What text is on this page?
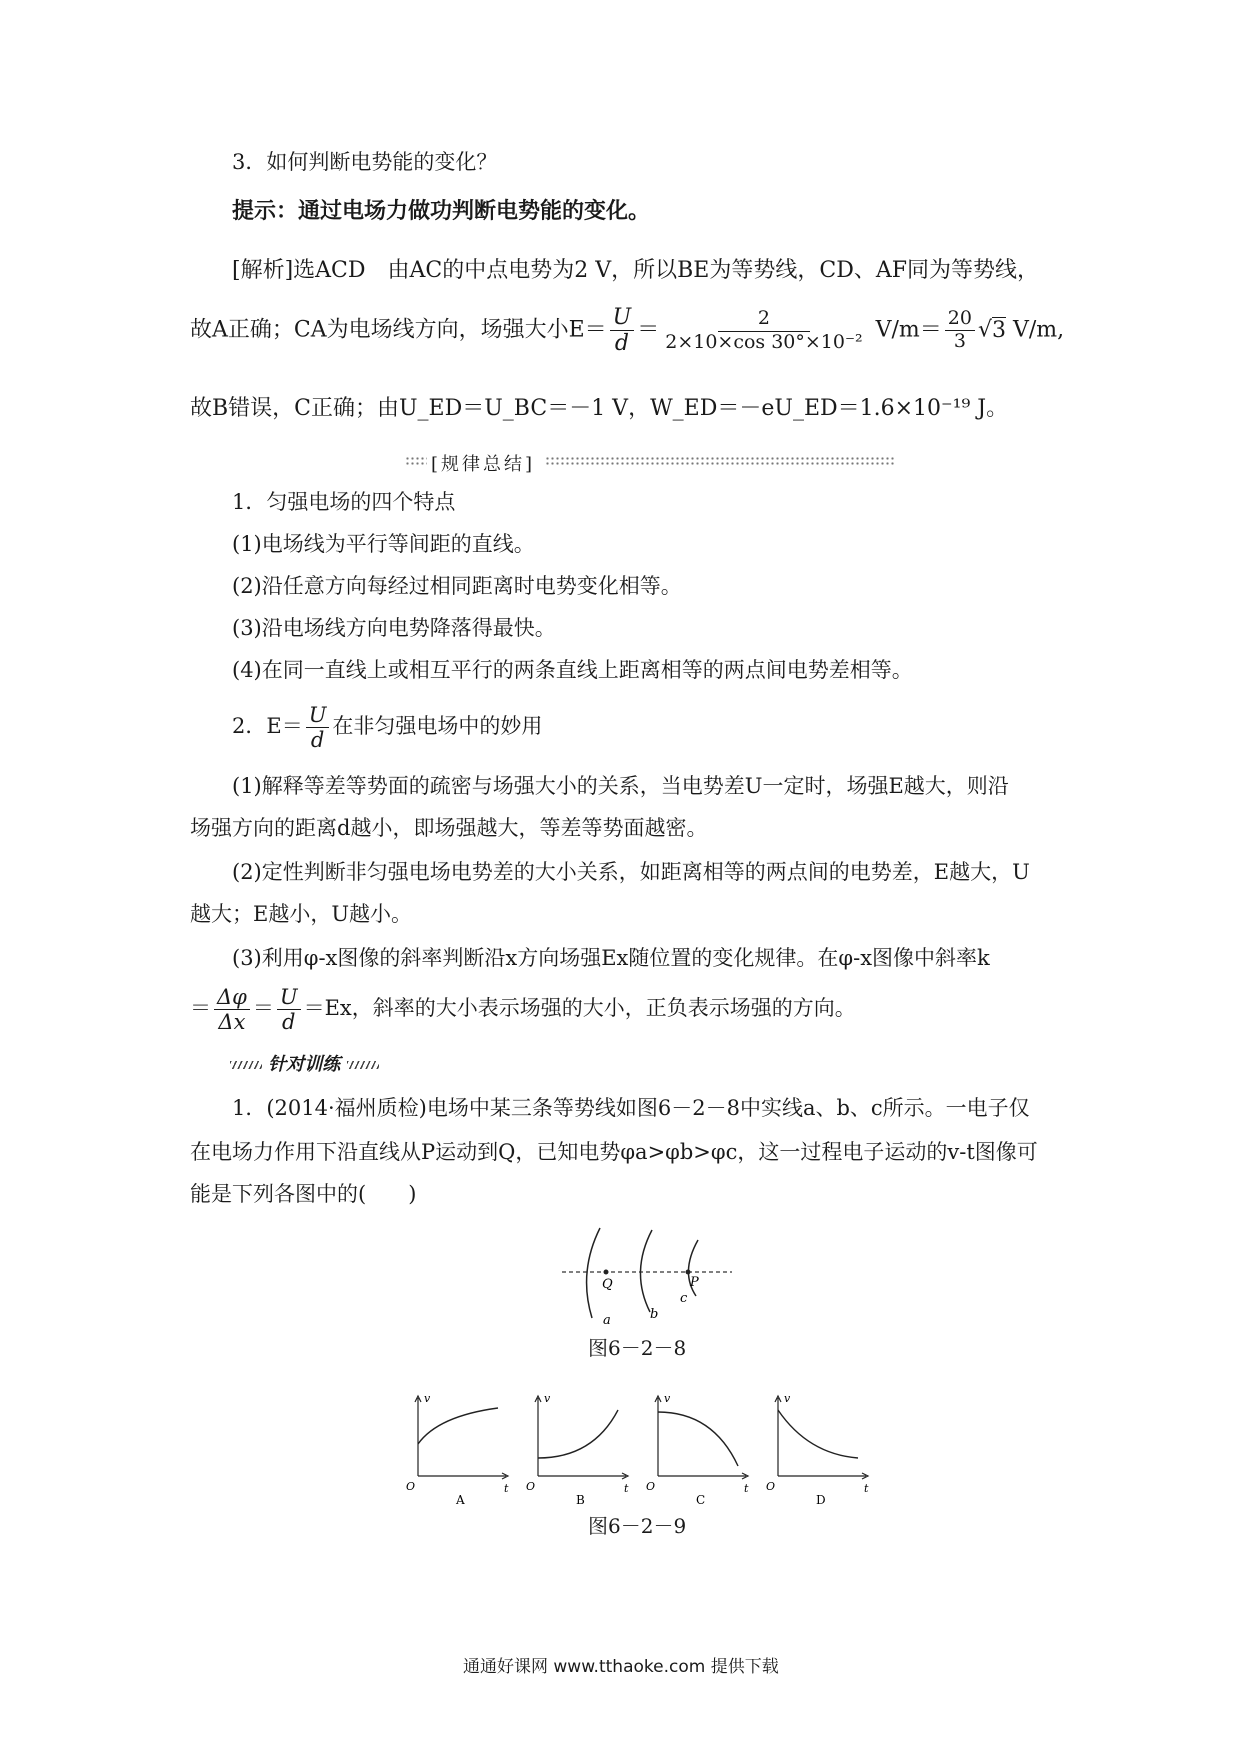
3．如何判断电势能的变化？
提示：通过电场力做功判断电势能的变化。
[解析]选ACD　由AC的中点电势为2 V，所以BE为等势线，CD、AF同为等势线，
故A正确；CA为电场线方向，场强大小$E= \frac{U}{d} = \frac{2}{\text{2×10×cos 30°×10⁻²}} V/m= \frac{20}{3} √3$ V/m,
故B错误，C正确；由U_ED＝U_BC＝－1 V，W_ED＝－eU_ED＝1.6×10⁻¹⁹ J。
[规律总结]
1．匀强电场的四个特点
(1)电场线为平行等间距的直线。
(2)沿任意方向每经过相同距离时电势变化相等。
(3)沿电场线方向电势降落得最快。
(4)在同一直线上或相互平行的两条直线上距离相等的两点间电势差相等。
2．$E= \frac{U}{d}$ 在非匀强电场中的妙用
(1)解释等差等势面的疏密与场强大小的关系，当电势差U一定时，场强E越大，则沿
场强方向的距离d越小，即场强越大，等差等势面越密。
(2)定性判断非匀强电场电势差的大小关系，如距离相等的两点间的电势差，E越大，U
越大；E越小，U越小。
(3)利用φ-x图像的斜率判断沿x方向场强Ex随位置的变化规律。在φ-x图像中斜率k
＝ $\frac{\Delta\varphi}{\Delta x} = \frac{U}{d} =Ex$，斜率的大小表示场强的大小，正负表示场强的方向。
针对训练
1．(2014·福州质检)电场中某三条等势线如图6－2－8中实线a、b、c所示。一电子仅
在电场力作用下沿直线从P运动到Q，已知电势φa>φb>φc，这一过程电子运动的v-t图像可
能是下列各图中的(　　)
Q	P
a	b
c
图6－2－8
v
t
O
A
v
t
O
B
v
t
O
C
v
t
O
D
图6－2－9
通通好课网 www.tthaoke.com 提供下载
